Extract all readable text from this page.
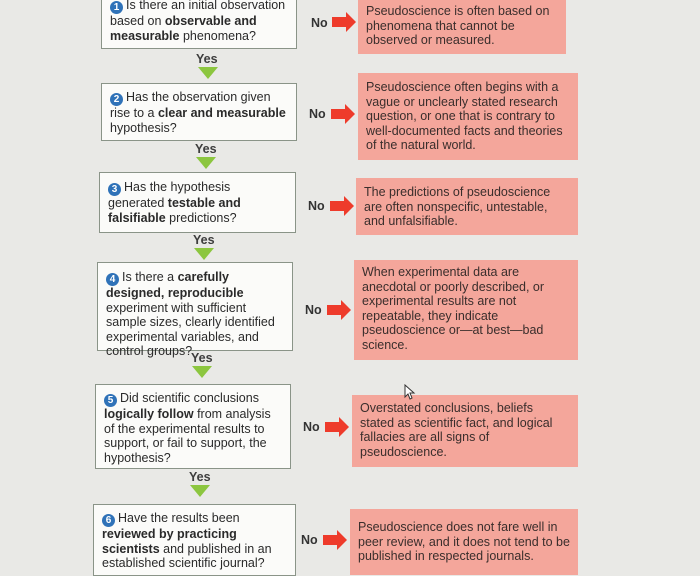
1 Is there an initial observation based on observable and measurable phenomena?
No
Pseudoscience is often based on phenomena that cannot be observed or measured.
Yes
2 Has the observation given rise to a clear and measurable hypothesis?
No
Pseudoscience often begins with a vague or unclearly stated research question, or one that is contrary to well-documented facts and theories of the natural world.
Yes
3 Has the hypothesis generated testable and falsifiable predictions?
No
The predictions of pseudoscience are often nonspecific, untestable, and unfalsifiable.
Yes
4 Is there a carefully designed, reproducible experiment with sufficient sample sizes, clearly identified experimental variables, and control groups?
No
When experimental data are anecdotal or poorly described, or experimental results are not repeatable, they indicate pseudoscience or—at best—bad science.
Yes
5 Did scientific conclusions logically follow from analysis of the experimental results to support, or fail to support, the hypothesis?
No
Overstated conclusions, beliefs stated as scientific fact, and logical fallacies are all signs of pseudoscience.
Yes
6 Have the results been reviewed by practicing scientists and published in an established scientific journal?
No
Pseudoscience does not fare well in peer review, and it does not tend to be published in respected journals.
